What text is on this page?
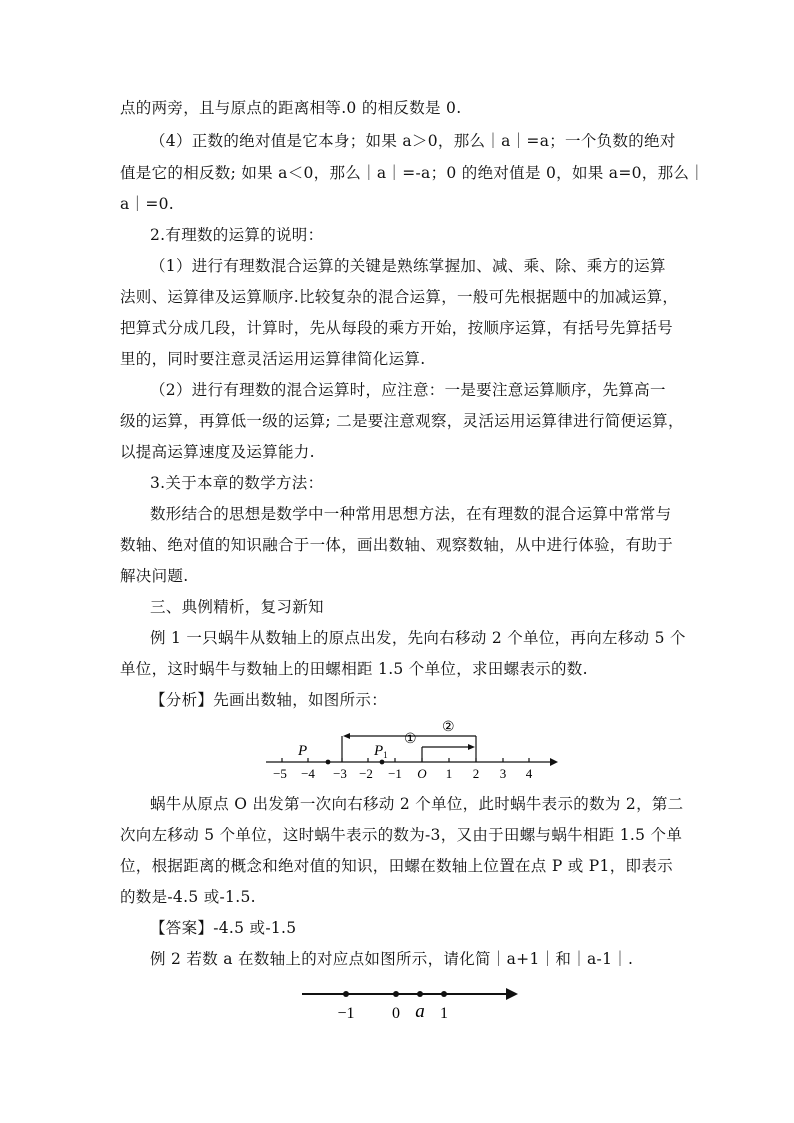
点的两旁，且与原点的距离相等.0 的相反数是 0.
（4）正数的绝对值是它本身；如果 a＞0，那么｜a｜=a；一个负数的绝对
值是它的相反数; 如果 a＜0，那么｜a｜=-a；0 的绝对值是 0，如果 a=0，那么｜
a｜=0.
2.有理数的运算的说明：
（1）进行有理数混合运算的关键是熟练掌握加、减、乘、除、乘方的运算
法则、运算律及运算顺序.比较复杂的混合运算，一般可先根据题中的加减运算，
把算式分成几段，计算时，先从每段的乘方开始，按顺序运算，有括号先算括号
里的，同时要注意灵活运用运算律简化运算.
（2）进行有理数的混合运算时，应注意：一是要注意运算顺序，先算高一
级的运算，再算低一级的运算; 二是要注意观察，灵活运用运算律进行简便运算，
以提高运算速度及运算能力.
3.关于本章的数学方法：
数形结合的思想是数学中一种常用思想方法，在有理数的混合运算中常常与
数轴、绝对值的知识融合于一体，画出数轴、观察数轴，从中进行体验，有助于
解决问题.
三、典例精析，复习新知
例 1 一只蜗牛从数轴上的原点出发，先向右移动 2 个单位，再向左移动 5 个
单位，这时蜗牛与数轴上的田螺相距 1.5 个单位，求田螺表示的数.
【分析】先画出数轴，如图所示：
P	$P_1$
①
②
−5 −4 −3 −2 −1 O 1 2 3 4
蜗牛从原点 O 出发第一次向右移动 2 个单位，此时蜗牛表示的数为 2，第二
次向左移动 5 个单位，这时蜗牛表示的数为-3，又由于田螺与蜗牛相距 1.5 个单
位，根据距离的概念和绝对值的知识，田螺在数轴上位置在点 P 或 P1，即表示
的数是-4.5 或-1.5.
【答案】-4.5 或-1.5
例 2 若数 a 在数轴上的对应点如图所示，请化简｜a+1｜和｜a-1｜.
−1 0 a 1
